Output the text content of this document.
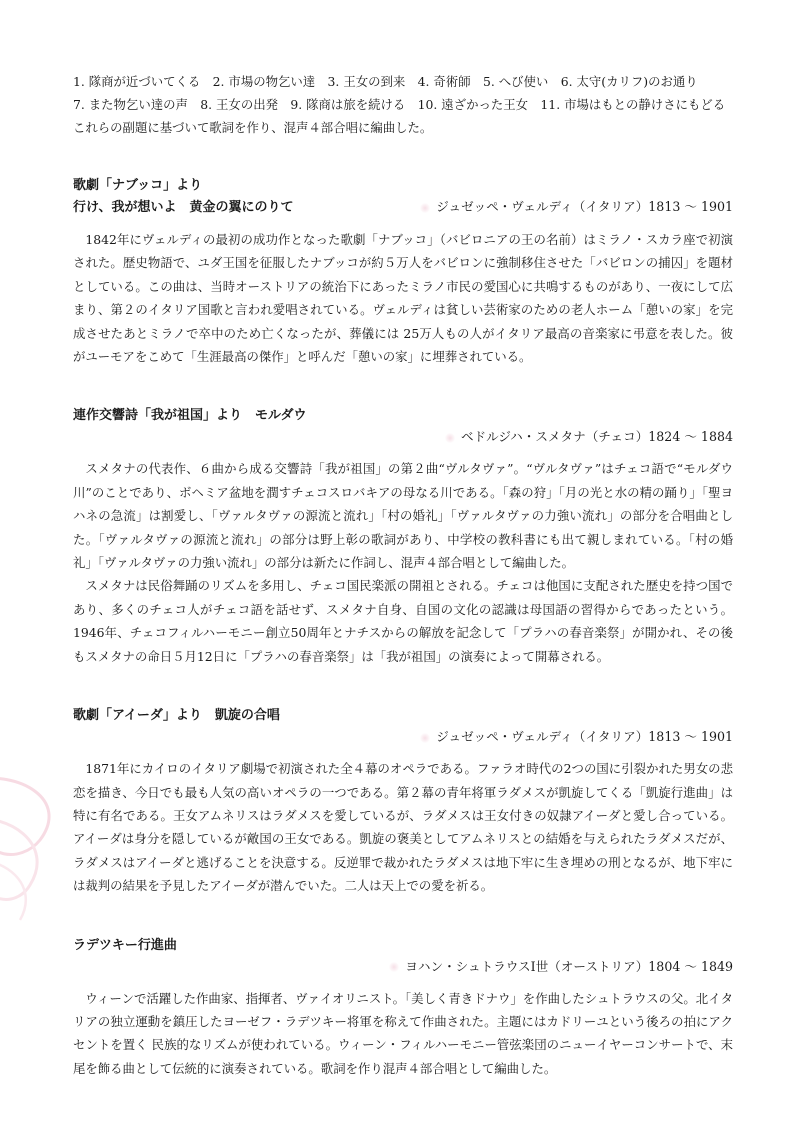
1. 隊商が近づいてくる　2. 市場の物乞い達　3. 王女の到来　4. 奇術師　5. へび使い　6. 太守(カリフ)のお通り

7. また物乞い達の声　8. 王女の出発　9. 隊商は旅を続ける　10. 遠ざかった王女　11. 市場はもとの静けさにもどる

これらの副題に基づいて歌詞を作り、混声４部合唱に編曲した。

歌劇「ナブッコ」より

行け、我が想いよ　黄金の翼にのりて	ジュゼッペ・ヴェルディ（イタリア）1813 ～ 1901

1842年にヴェルディの最初の成功作となった歌劇「ナブッコ」（バビロニアの王の名前）はミラノ・スカラ座で初演された。歴史物語で、ユダ王国を征服したナブッコが約５万人をバビロンに強制移住させた「バビロンの捕囚」を題材としている。この曲は、当時オーストリアの統治下にあったミラノ市民の愛国心に共鳴するものがあり、一夜にして広まり、第２のイタリア国歌と言われ愛唱されている。ヴェルディは貧しい芸術家のための老人ホーム「憩いの家」を完成させたあとミラノで卒中のため亡くなったが、葬儀には 25万人もの人がイタリア最高の音楽家に弔意を表した。彼がユーモアをこめて「生涯最高の傑作」と呼んだ「憩いの家」に埋葬されている。

連作交響詩「我が祖国」より　モルダウ

ベドルジハ・スメタナ（チェコ）1824 ～ 1884

スメタナの代表作、６曲から成る交響詩「我が祖国」の第２曲“ヴルタヴァ”。“ヴルタヴァ”はチェコ語で“モルダウ川”のことであり、ボヘミア盆地を潤すチェコスロバキアの母なる川である。「森の狩」「月の光と水の精の踊り」「聖ヨハネの急流」は割愛し、「ヴァルタヴァの源流と流れ」「村の婚礼」「ヴァルタヴァの力強い流れ」の部分を合唱曲とした。「ヴァルタヴァの源流と流れ」の部分は野上彰の歌詞があり、中学校の教科書にも出て親しまれている。「村の婚礼」「ヴァルタヴァの力強い流れ」の部分は新たに作詞し、混声４部合唱として編曲した。

スメタナは民俗舞踊のリズムを多用し、チェコ国民楽派の開祖とされる。チェコは他国に支配された歴史を持つ国であり、多くのチェコ人がチェコ語を話せず、スメタナ自身、自国の文化の認識は母国語の習得からであったという。1946年、チェコフィルハーモニー創立50周年とナチスからの解放を記念して「プラハの春音楽祭」が開かれ、その後もスメタナの命日５月12日に「プラハの春音楽祭」は「我が祖国」の演奏によって開幕される。

歌劇「アイーダ」より　凱旋の合唱

ジュゼッペ・ヴェルディ（イタリア）1813 ～ 1901

1871年にカイロのイタリア劇場で初演された全４幕のオペラである。ファラオ時代の2つの国に引裂かれた男女の悲恋を描き、今日でも最も人気の高いオペラの一つである。第２幕の青年将軍ラダメスが凱旋してくる「凱旋行進曲」は特に有名である。王女アムネリスはラダメスを愛しているが、ラダメスは王女付きの奴隷アイーダと愛し合っている。アイーダは身分を隠しているが敵国の王女である。凱旋の褒美としてアムネリスとの結婚を与えられたラダメスだが、ラダメスはアイーダと逃げることを決意する。反逆罪で裁かれたラダメスは地下牢に生き埋めの刑となるが、地下牢には裁判の結果を予見したアイーダが潜んでいた。二人は天上での愛を祈る。

ラデツキー行進曲

ヨハン・シュトラウスⅠ世（オーストリア）1804 ～ 1849

ウィーンで活躍した作曲家、指揮者、ヴァイオリニスト。「美しく青きドナウ」を作曲したシュトラウスの父。北イタリアの独立運動を鎮圧したヨーゼフ・ラデツキー将軍を称えて作曲された。主題にはカドリーユという後ろの拍にアクセントを置く 民族的なリズムが使われている。ウィーン・フィルハーモニー管弦楽団のニューイヤーコンサートで、末尾を飾る曲として伝統的に演奏されている。歌詞を作り混声４部合唱として編曲した。
